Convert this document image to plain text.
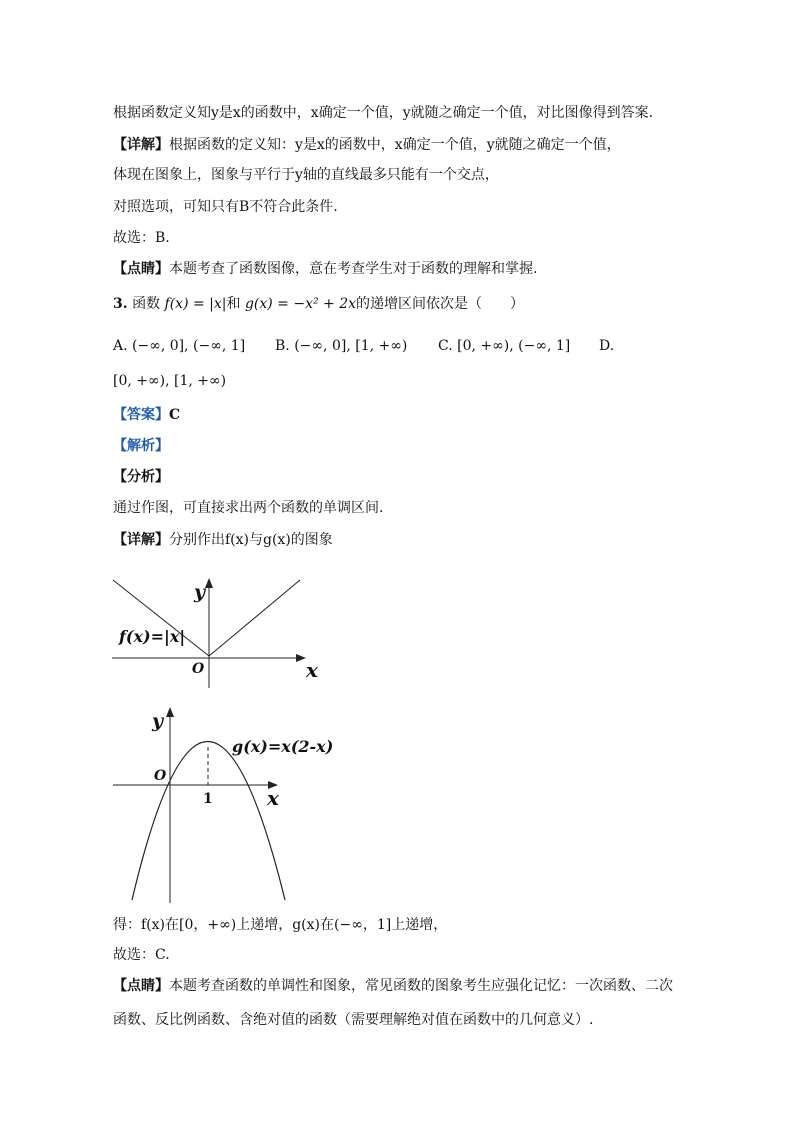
根据函数定义知y是x的函数中，x确定一个值，y就随之确定一个值，对比图像得到答案.
【详解】根据函数的定义知：y是x的函数中，x确定一个值，y就随之确定一个值，
体现在图象上，图象与平行于y轴的直线最多只能有一个交点，
对照选项，可知只有B不符合此条件.
故选：B.
【点睛】本题考查了函数图像，意在考查学生对于函数的理解和掌握.
3. 函数 f(x) = |x|和 g(x) = −x² + 2x的递增区间依次是（　　）
A. (−∞, 0], (−∞, 1] B. (−∞, 0], [1, +∞) C. [0, +∞), (−∞, 1] D.
[0, +∞), [1, +∞)
【答案】C
【解析】
【分析】
通过作图，可直接求出两个函数的单调区间.
【详解】分别作出f(x)与g(x)的图象
y
x
O
f(x)=|x|
y
x
O
1
g(x)=x(2-x)
得：f(x)在[0，+∞)上递增，g(x)在(−∞，1]上递增，
故选：C.
【点睛】本题考查函数的单调性和图象，常见函数的图象考生应强化记忆：一次函数、二次
函数、反比例函数、含绝对值的函数（需要理解绝对值在函数中的几何意义）.
